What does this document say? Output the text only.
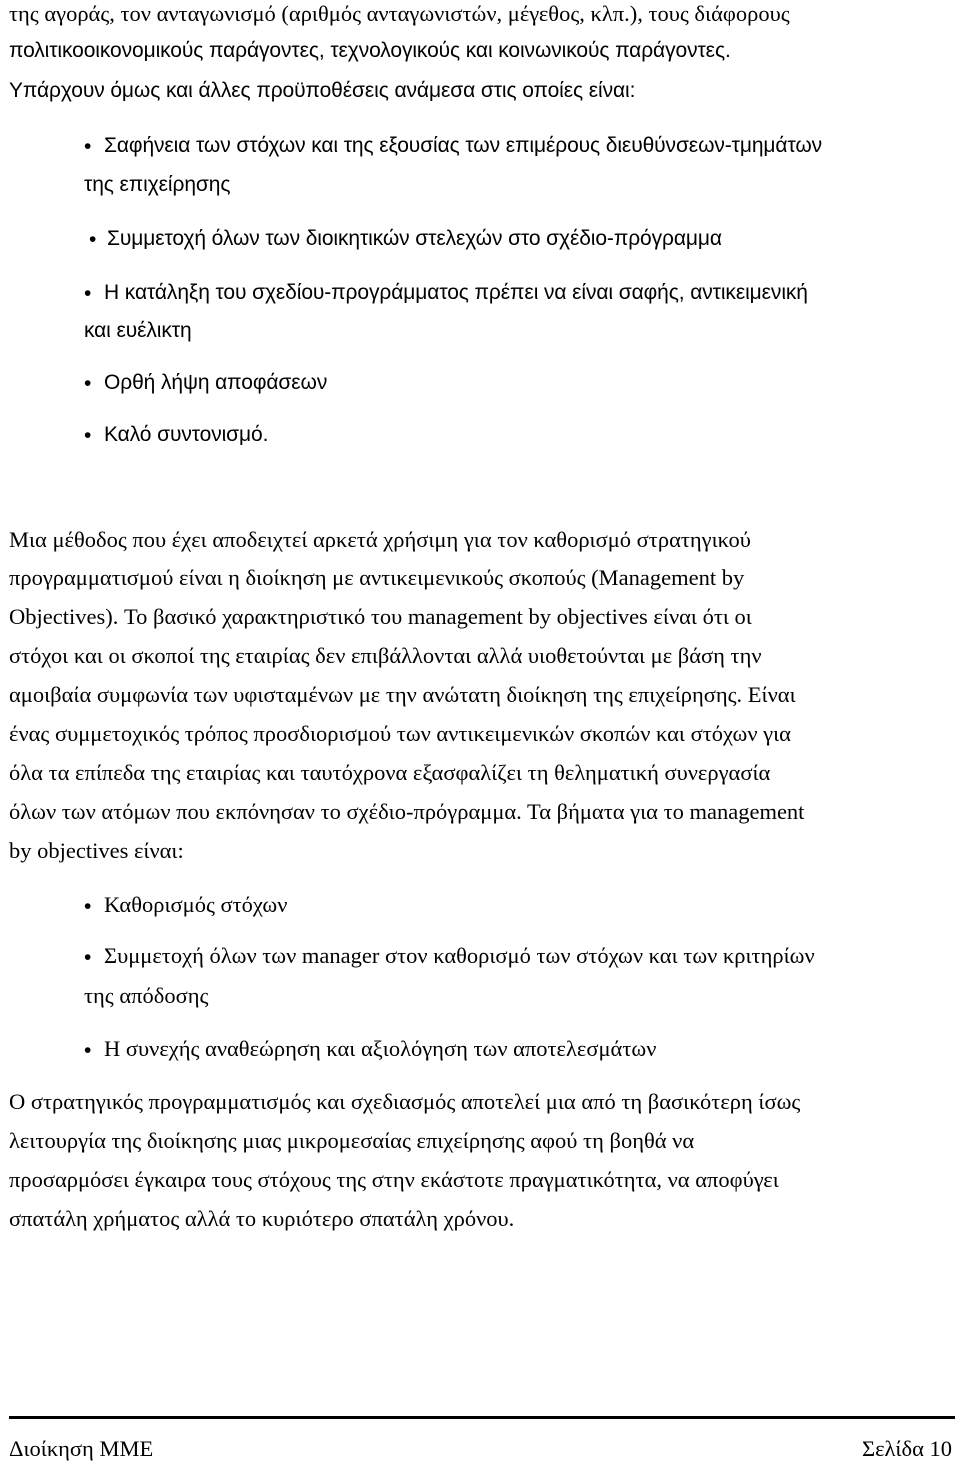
της αγοράς, τον ανταγωνισμό (αριθμός ανταγωνιστών, μέγεθος, κλπ.), τους διάφορους

πολιτικοοικονομικούς παράγοντες, τεχνολογικούς και κοινωνικούς παράγοντες.

Υπάρχουν όμως και άλλες προϋποθέσεις ανάμεσα στις οποίες είναι:

• Σαφήνεια των στόχων και της εξουσίας των επιμέρους διευθύνσεων-τμημάτων

της επιχείρησης

• Συμμετοχή όλων των διοικητικών στελεχών στο σχέδιο-πρόγραμμα

• Η κατάληξη του σχεδίου-προγράμματος πρέπει να είναι σαφής, αντικειμενική

και ευέλικτη

• Ορθή λήψη αποφάσεων

• Καλό συντονισμό.

Μια μέθοδος που έχει αποδειχτεί αρκετά χρήσιμη για τον καθορισμό στρατηγικού

προγραμματισμού είναι η διοίκηση με αντικειμενικούς σκοπούς (Management by

Objectives). Το βασικό χαρακτηριστικό του management by objectives είναι ότι οι

στόχοι και οι σκοποί της εταιρίας δεν επιβάλλονται αλλά υιοθετούνται με βάση την

αμοιβαία συμφωνία των υφισταμένων με την ανώτατη διοίκηση της επιχείρησης. Είναι

ένας συμμετοχικός τρόπος προσδιορισμού των αντικειμενικών σκοπών και στόχων για

όλα τα επίπεδα της εταιρίας και ταυτόχρονα εξασφαλίζει τη θεληματική συνεργασία

όλων των ατόμων που εκπόνησαν το σχέδιο-πρόγραμμα. Τα βήματα για το management

by objectives είναι:

• Καθορισμός στόχων

• Συμμετοχή όλων των manager στον καθορισμό των στόχων και των κριτηρίων

της απόδοσης

• Η συνεχής αναθεώρηση και αξιολόγηση των αποτελεσμάτων

Ο στρατηγικός προγραμματισμός και σχεδιασμός αποτελεί μια από τη βασικότερη ίσως

λειτουργία της διοίκησης μιας μικρομεσαίας επιχείρησης αφού τη βοηθά να

προσαρμόσει έγκαιρα τους στόχους της στην εκάστοτε πραγματικότητα, να αποφύγει

σπατάλη χρήματος αλλά το κυριότερο σπατάλη χρόνου.

Διοίκηση ΜΜΕ	Σελίδα 10
